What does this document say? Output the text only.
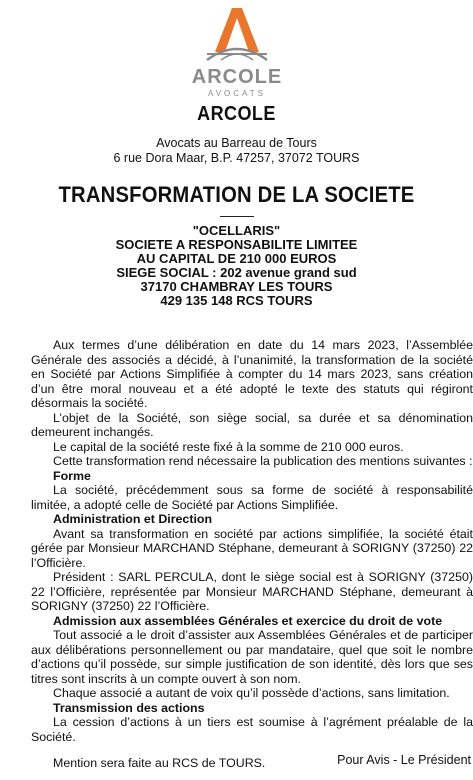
ARCOLE
AVOCATS
ARCOLE
Avocats au Barreau de Tours
6 rue Dora Maar, B.P. 47257, 37072 TOURS
TRANSFORMATION DE LA SOCIETE
"OCELLARIS"
SOCIETE A RESPONSABILITE LIMITEE
AU CAPITAL DE 210 000 EUROS
SIEGE SOCIAL : 202 avenue grand sud
37170 CHAMBRAY LES TOURS
429 135 148 RCS TOURS

Aux termes d’une délibération en date du 14 mars 2023, l’Assemblée Générale des associés a décidé, à l’unanimité, la transformation de la société en Société par Actions Simplifiée à compter du 14 mars 2023, sans création d’un être moral nouveau et a été adopté le texte des statuts qui régiront désormais la société.

L’objet de la Société, son siège social, sa durée et sa dénomination demeurent inchangés.

Le capital de la société reste fixé à la somme de 210 000 euros.

Cette transformation rend nécessaire la publication des mentions suivantes :

Forme

La société, précédemment sous sa forme de société à responsabilité limitée, a adopté celle de Société par Actions Simplifiée.

Administration et Direction

Avant sa transformation en société par actions simplifiée, la société était gérée par Monsieur MARCHAND Stéphane, demeurant à SORIGNY (37250) 22 l’Officière.

Président : SARL PERCULA, dont le siège social est à SORIGNY (37250) 22 l’Officière, représentée par Monsieur MARCHAND Stéphane, demeurant à SORIGNY (37250) 22 l’Officière.

Admission aux assemblées Générales et exercice du droit de vote

Tout associé a le droit d’assister aux Assemblées Générales et de participer aux délibérations personnellement ou par mandataire, quel que soit le nombre d’actions qu’il possède, sur simple justification de son identité, dès lors que ses titres sont inscrits à un compte ouvert à son nom.

Chaque associé a autant de voix qu’il possède d’actions, sans limitation.

Transmission des actions

La cession d’actions à un tiers est soumise à l’agrément préalable de la Société.

Mention sera faite au RCS de TOURS.	Pour Avis - Le Président
